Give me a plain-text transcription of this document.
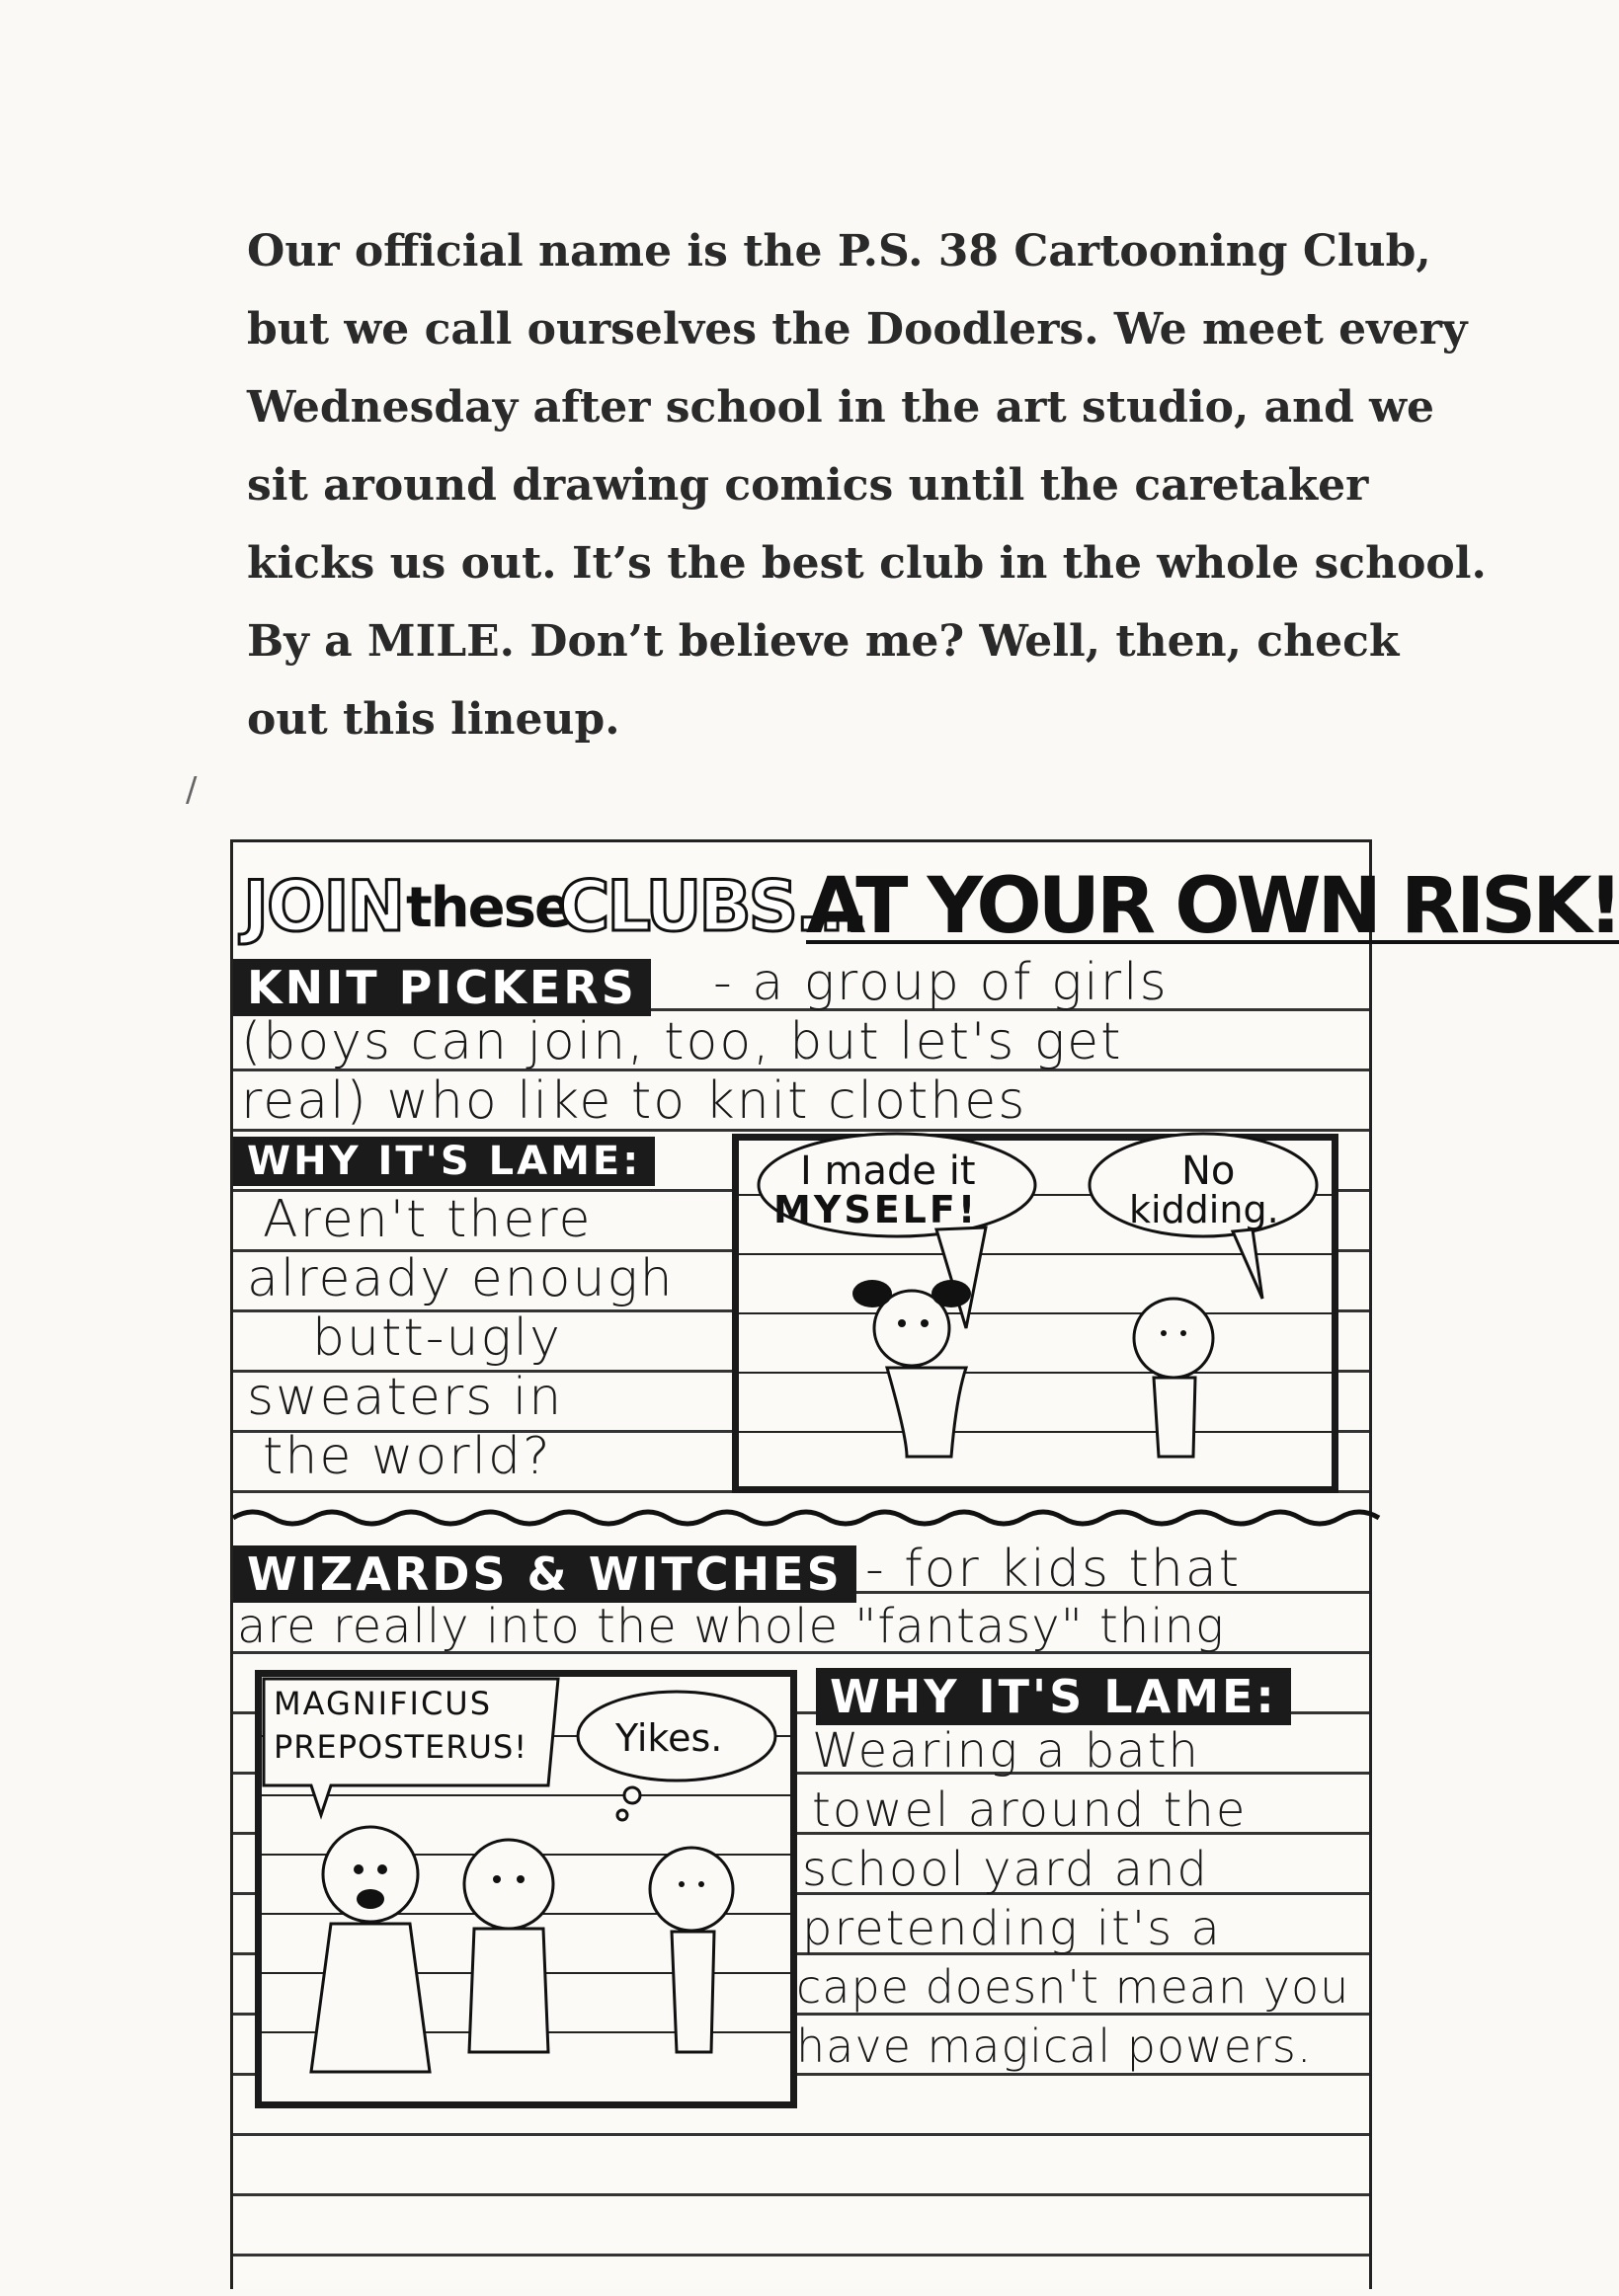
Our official name is the P.S. 38 Cartooning Club,
but we call ourselves the Doodlers. We meet every
Wednesday after school in the art studio, and we
sit around drawing comics until the caretaker
kicks us out. It’s the best club in the whole school.
By a MILE. Don’t believe me? Well, then, check
out this lineup.

/
JOIN these
CLUBS...
AT YOUR OWN RISK!
KNIT PICKERS - a group of girls
(boys can join, too, but let's get
real) who like to knit clothes
WHY IT'S LAME:
Aren't there
already enough
butt-ugly
sweaters in
the world?
I made it
MYSELF!
No
kidding.
WIZARDS & WITCHES - for kids that
are really into the whole "fantasy" thing
MAGNIFICUS
PREPOSTERUS! Yikes.
WHY IT'S LAME:
Wearing a bath
towel around the
school yard and
pretending it's a
cape doesn't mean you
have magical powers.
